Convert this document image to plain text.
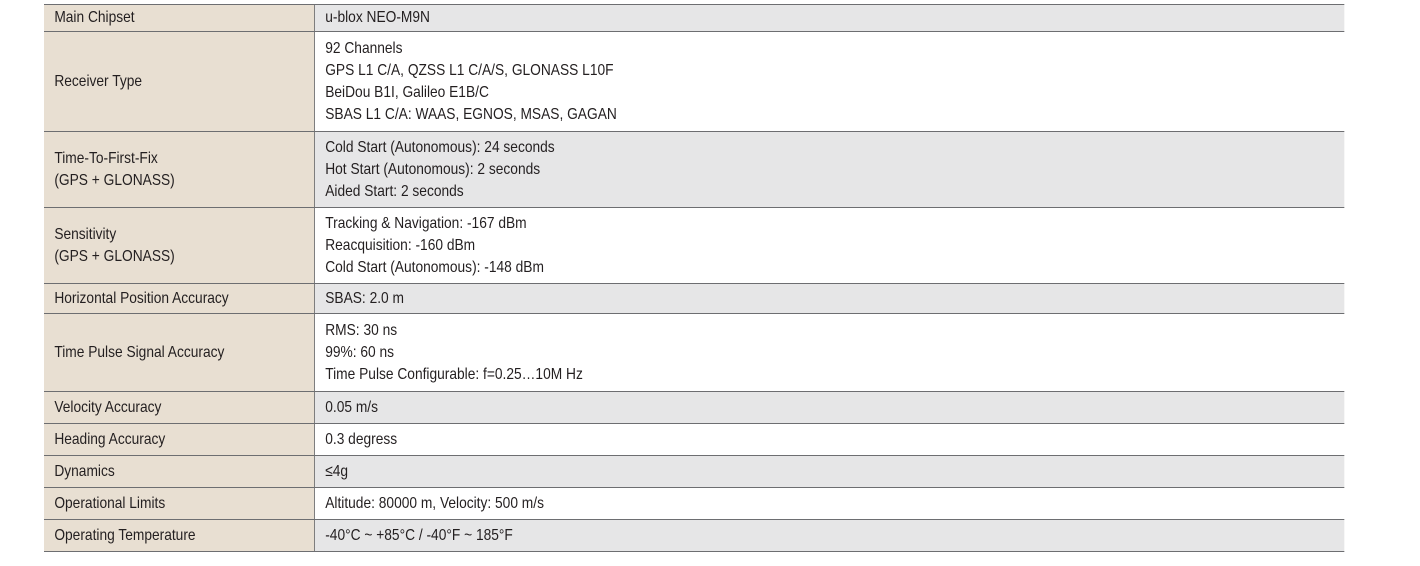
Main Chipset	u-blox NEO-M9N

Receiver Type	92 Channels
GPS L1 C/A, QZSS L1 C/A/S, GLONASS L10F
BeiDou B1I, Galileo E1B/C
SBAS L1 C/A: WAAS, EGNOS, MSAS, GAGAN

Time-To-First-Fix
(GPS + GLONASS)	Cold Start (Autonomous): 24 seconds
Hot Start (Autonomous): 2 seconds
Aided Start: 2 seconds

Sensitivity
(GPS + GLONASS)	Tracking & Navigation: -167 dBm
Reacquisition: -160 dBm
Cold Start (Autonomous): -148 dBm

Horizontal Position Accuracy	SBAS: 2.0 m

Time Pulse Signal Accuracy	RMS: 30 ns
99%: 60 ns
Time Pulse Configurable: f=0.25…10M Hz

Velocity Accuracy	0.05 m/s

Heading Accuracy	0.3 degress

Dynamics	≤4g

Operational Limits	Altitude: 80000 m, Velocity: 500 m/s

Operating Temperature	-40°C ~ +85°C / -40°F ~ 185°F
